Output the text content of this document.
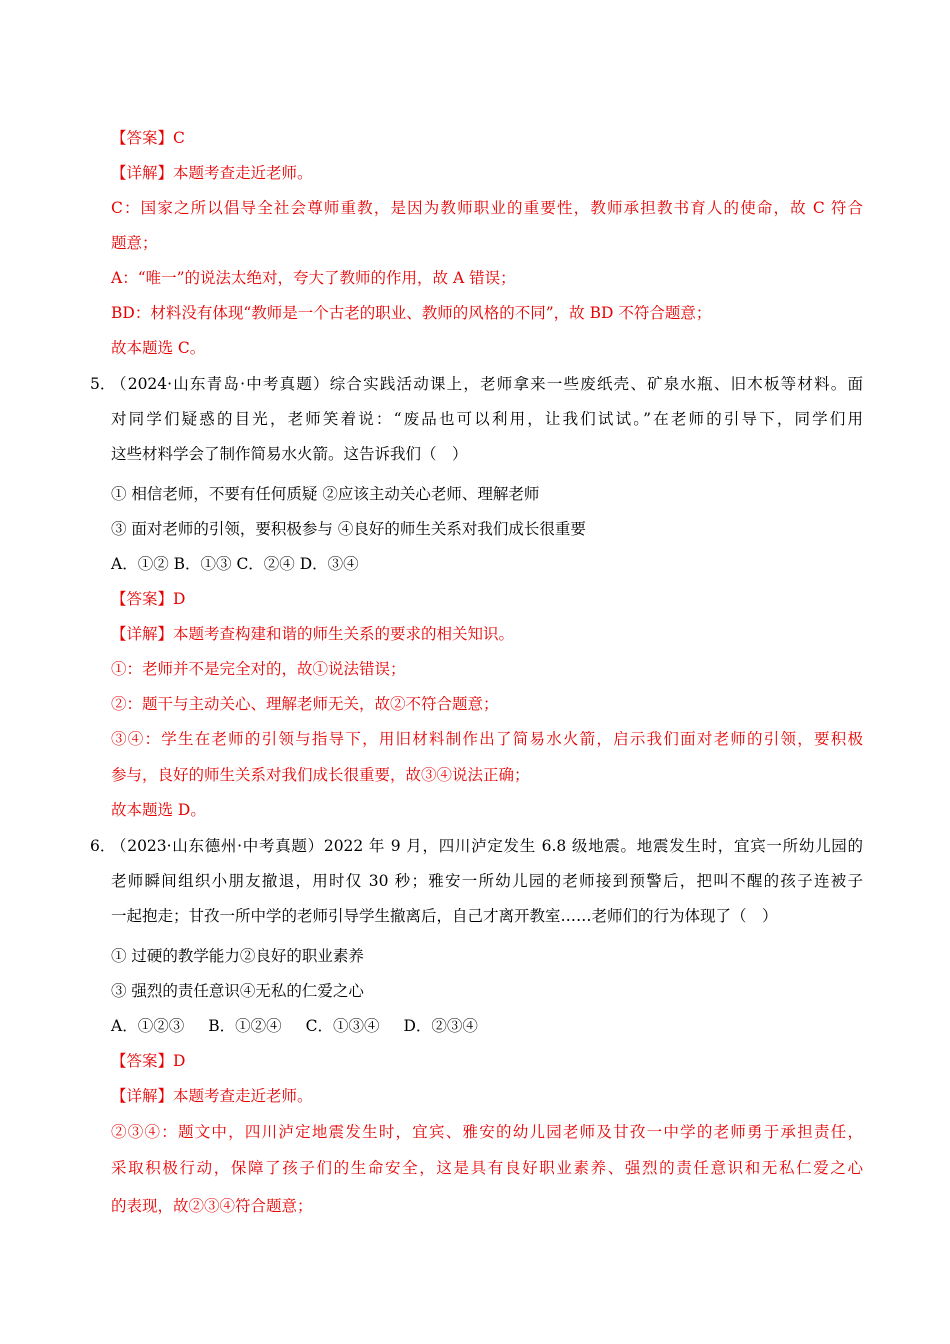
【答案】C
【详解】本题考查走近老师。
C：国家之所以倡导全社会尊师重教，是因为教师职业的重要性，教师承担教书育人的使命，故 C 符合
题意；
A：“唯一”的说法太绝对，夸大了教师的作用，故 A 错误；
BD：材料没有体现“教师是一个古老的职业、教师的风格的不同”，故 BD 不符合题意；
故本题选 C。
5．
（2024·山东青岛·中考真题）综合实践活动课上，老师拿来一些废纸壳、矿泉水瓶、旧木板等材料。面
对同学们疑惑的目光，老师笑着说：“废品也可以利用，让我们试试。”在老师的引导下，同学们用
这些材料学会了制作简易水火箭。这告诉我们（　）
① 相信老师，不要有任何质疑 ②应该主动关心老师、理解老师
③ 面对老师的引领，要积极参与 ④良好的师生关系对我们成长很重要
A．①② B．①③ C．②④ D．③④
【答案】D
【详解】本题考查构建和谐的师生关系的要求的相关知识。
①：老师并不是完全对的，故①说法错误；
②：题干与主动关心、理解老师无关，故②不符合题意；
③④：学生在老师的引领与指导下，用旧材料制作出了简易水火箭，启示我们面对老师的引领，要积极
参与，良好的师生关系对我们成长很重要，故③④说法正确；
故本题选 D。
6．
（2023·山东德州·中考真题）2022 年 9 月，四川泸定发生 6.8 级地震。地震发生时，宜宾一所幼儿园的
老师瞬间组织小朋友撤退，用时仅 30 秒；雅安一所幼儿园的老师接到预警后，把叫不醒的孩子连被子
一起抱走；甘孜一所中学的老师引导学生撤离后，自己才离开教室……老师们的行为体现了（　）
① 过硬的教学能力②良好的职业素养
③ 强烈的责任意识④无私的仁爱之心
A．①②③ B．①②④ C．①③④ D．②③④
【答案】D
【详解】本题考查走近老师。
②③④：题文中，四川泸定地震发生时，宜宾、雅安的幼儿园老师及甘孜一中学的老师勇于承担责任，
采取积极行动，保障了孩子们的生命安全，这是具有良好职业素养、强烈的责任意识和无私仁爱之心
的表现，故②③④符合题意；
